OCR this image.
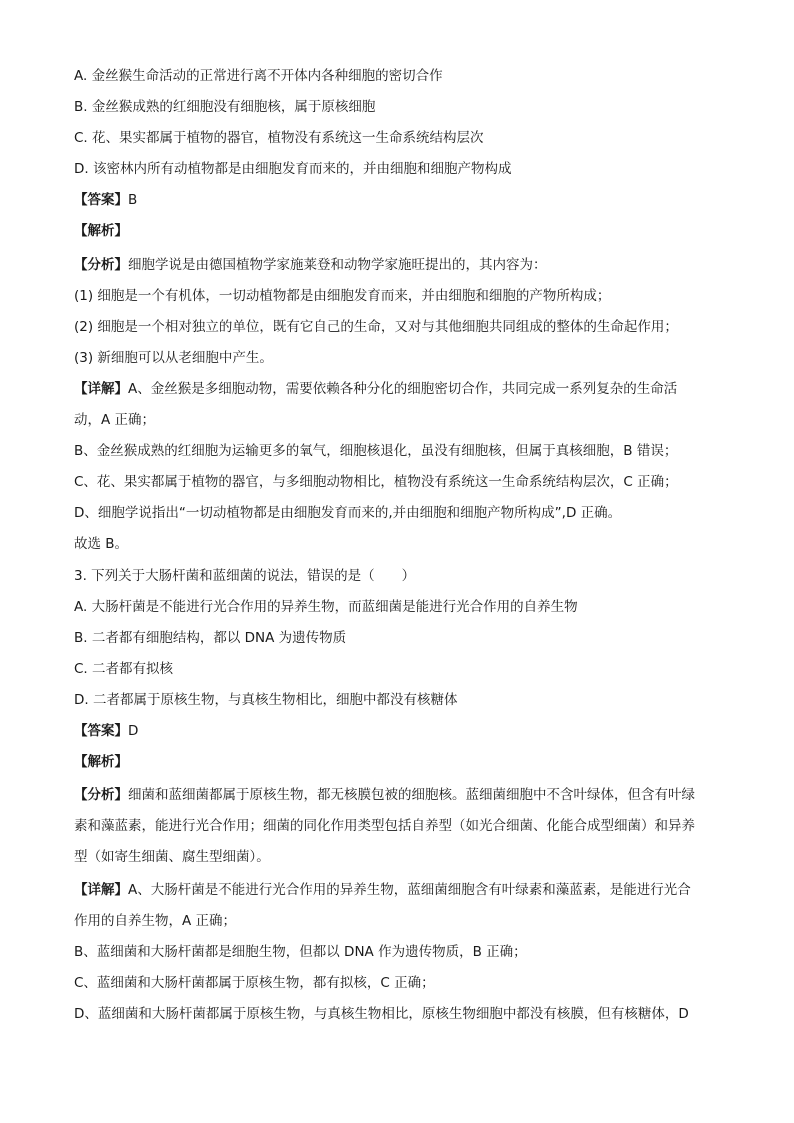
A. 金丝猴生命活动的正常进行离不开体内各种细胞的密切合作
B. 金丝猴成熟的红细胞没有细胞核，属于原核细胞
C. 花、果实都属于植物的器官，植物没有系统这一生命系统结构层次
D. 该密林内所有动植物都是由细胞发育而来的，并由细胞和细胞产物构成
【答案】B
【解析】
【分析】细胞学说是由德国植物学家施莱登和动物学家施旺提出的，其内容为：
(1) 细胞是一个有机体，一切动植物都是由细胞发育而来，并由细胞和细胞的产物所构成；
(2) 细胞是一个相对独立的单位，既有它自己的生命，又对与其他细胞共同组成的整体的生命起作用；
(3) 新细胞可以从老细胞中产生。
【详解】A、金丝猴是多细胞动物，需要依赖各种分化的细胞密切合作，共同完成一系列复杂的生命活
动，A 正确；
B、金丝猴成熟的红细胞为运输更多的氧气，细胞核退化，虽没有细胞核，但属于真核细胞，B 错误；
C、花、果实都属于植物的器官，与多细胞动物相比，植物没有系统这一生命系统结构层次，C 正确；
D、细胞学说指出“一切动植物都是由细胞发育而来的,并由细胞和细胞产物所构成”,D 正确。
故选 B。
3. 下列关于大肠杆菌和蓝细菌的说法，错误的是（　　）
A. 大肠杆菌是不能进行光合作用的异养生物，而蓝细菌是能进行光合作用的自养生物
B. 二者都有细胞结构，都以 DNA 为遗传物质
C. 二者都有拟核
D. 二者都属于原核生物，与真核生物相比，细胞中都没有核糖体
【答案】D
【解析】
【分析】细菌和蓝细菌都属于原核生物，都无核膜包被的细胞核。蓝细菌细胞中不含叶绿体，但含有叶绿
素和藻蓝素，能进行光合作用；细菌的同化作用类型包括自养型（如光合细菌、化能合成型细菌）和异养
型（如寄生细菌、腐生型细菌）。
【详解】A、大肠杆菌是不能进行光合作用的异养生物，蓝细菌细胞含有叶绿素和藻蓝素，是能进行光合
作用的自养生物，A 正确；
B、蓝细菌和大肠杆菌都是细胞生物，但都以 DNA 作为遗传物质，B 正确；
C、蓝细菌和大肠杆菌都属于原核生物，都有拟核，C 正确；
D、蓝细菌和大肠杆菌都属于原核生物，与真核生物相比，原核生物细胞中都没有核膜，但有核糖体，D
